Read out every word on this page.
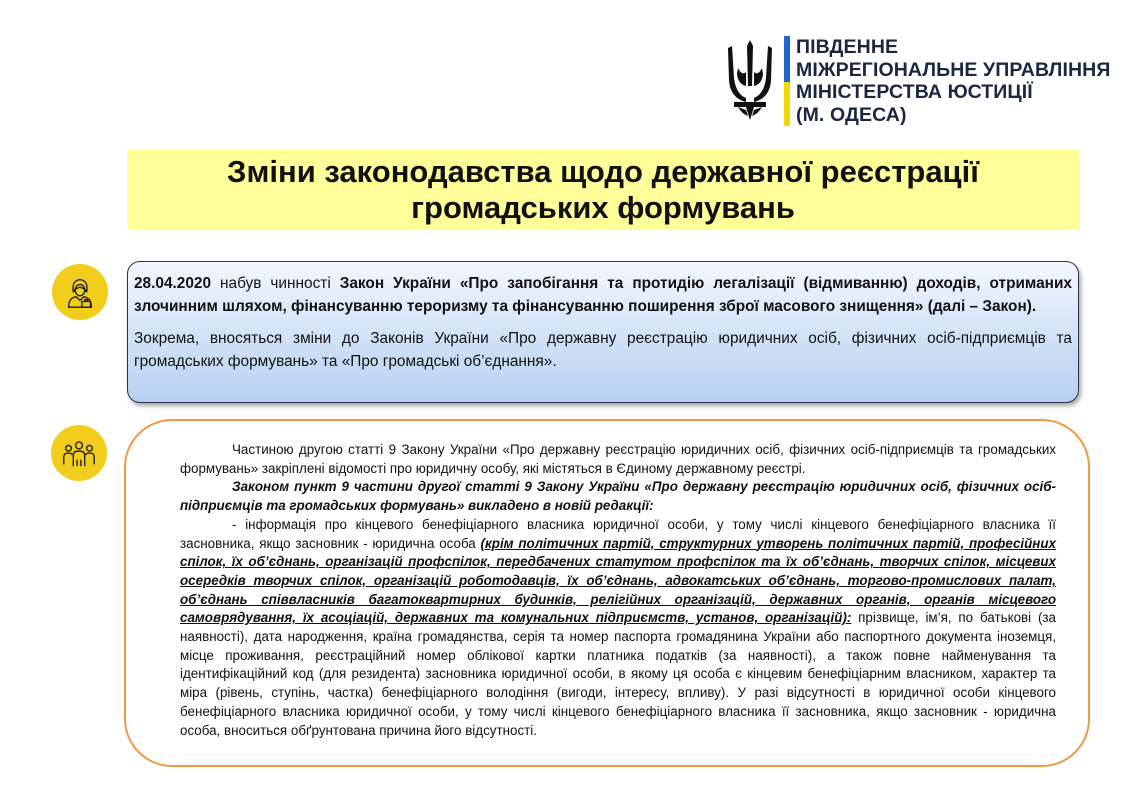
ПІВДЕННЕ
МІЖРЕГІОНАЛЬНЕ УПРАВЛІННЯ
МІНІСТЕРСТВА ЮСТИЦІЇ
(М. ОДЕСА)
Зміни законодавства щодо державної реєстрації
громадських формувань

28.04.2020 набув чинності Закон України «Про запобігання та протидію легалізації (відмиванню) доходів, отриманих злочинним шляхом, фінансуванню тероризму та фінансуванню поширення зброї масового знищення» (далі – Закон).

Зокрема, вносяться зміни до Законів України «Про державну реєстрацію юридичних осіб, фізичних осіб-підприємців та громадських формувань» та «Про громадські об’єднання».

Частиною другою статті 9 Закону України «Про державну реєстрацію юридичних осіб, фізичних осіб-підприємців та громадських формувань» закріплені відомості про юридичну особу, які містяться в Єдиному державному реєстрі.

Законом пункт 9 частини другої статті 9 Закону України «Про державну реєстрацію юридичних осіб, фізичних осіб-підприємців та громадських формувань» викладено в новій редакції:

- інформація про кінцевого бенефіціарного власника юридичної особи, у тому числі кінцевого бенефіціарного власника її засновника, якщо засновник - юридична особа (крім політичних партій, структурних утворень політичних партій, професійних спілок, їх об’єднань, організацій профспілок, передбачених статутом профспілок та їх об’єднань, творчих спілок, місцевих осередків творчих спілок, організацій роботодавців, їх об’єднань, адвокатських об’єднань, торгово-промислових палат, об’єднань співвласників багатоквартирних будинків, релігійних організацій, державних органів, органів місцевого самоврядування, їх асоціацій, державних та комунальних підприємств, установ, організацій): прізвище, ім’я, по батькові (за наявності), дата народження, країна громадянства, серія та номер паспорта громадянина України або паспортного документа іноземця, місце проживання, реєстраційний номер облікової картки платника податків (за наявності), а також повне найменування та ідентифікаційний код (для резидента) засновника юридичної особи, в якому ця особа є кінцевим бенефіціарним власником, характер та міра (рівень, ступінь, частка) бенефіціарного володіння (вигоди, інтересу, впливу). У разі відсутності в юридичної особи кінцевого бенефіціарного власника юридичної особи, у тому числі кінцевого бенефіціарного власника її засновника, якщо засновник - юридична особа, вноситься обґрунтована причина його відсутності.
